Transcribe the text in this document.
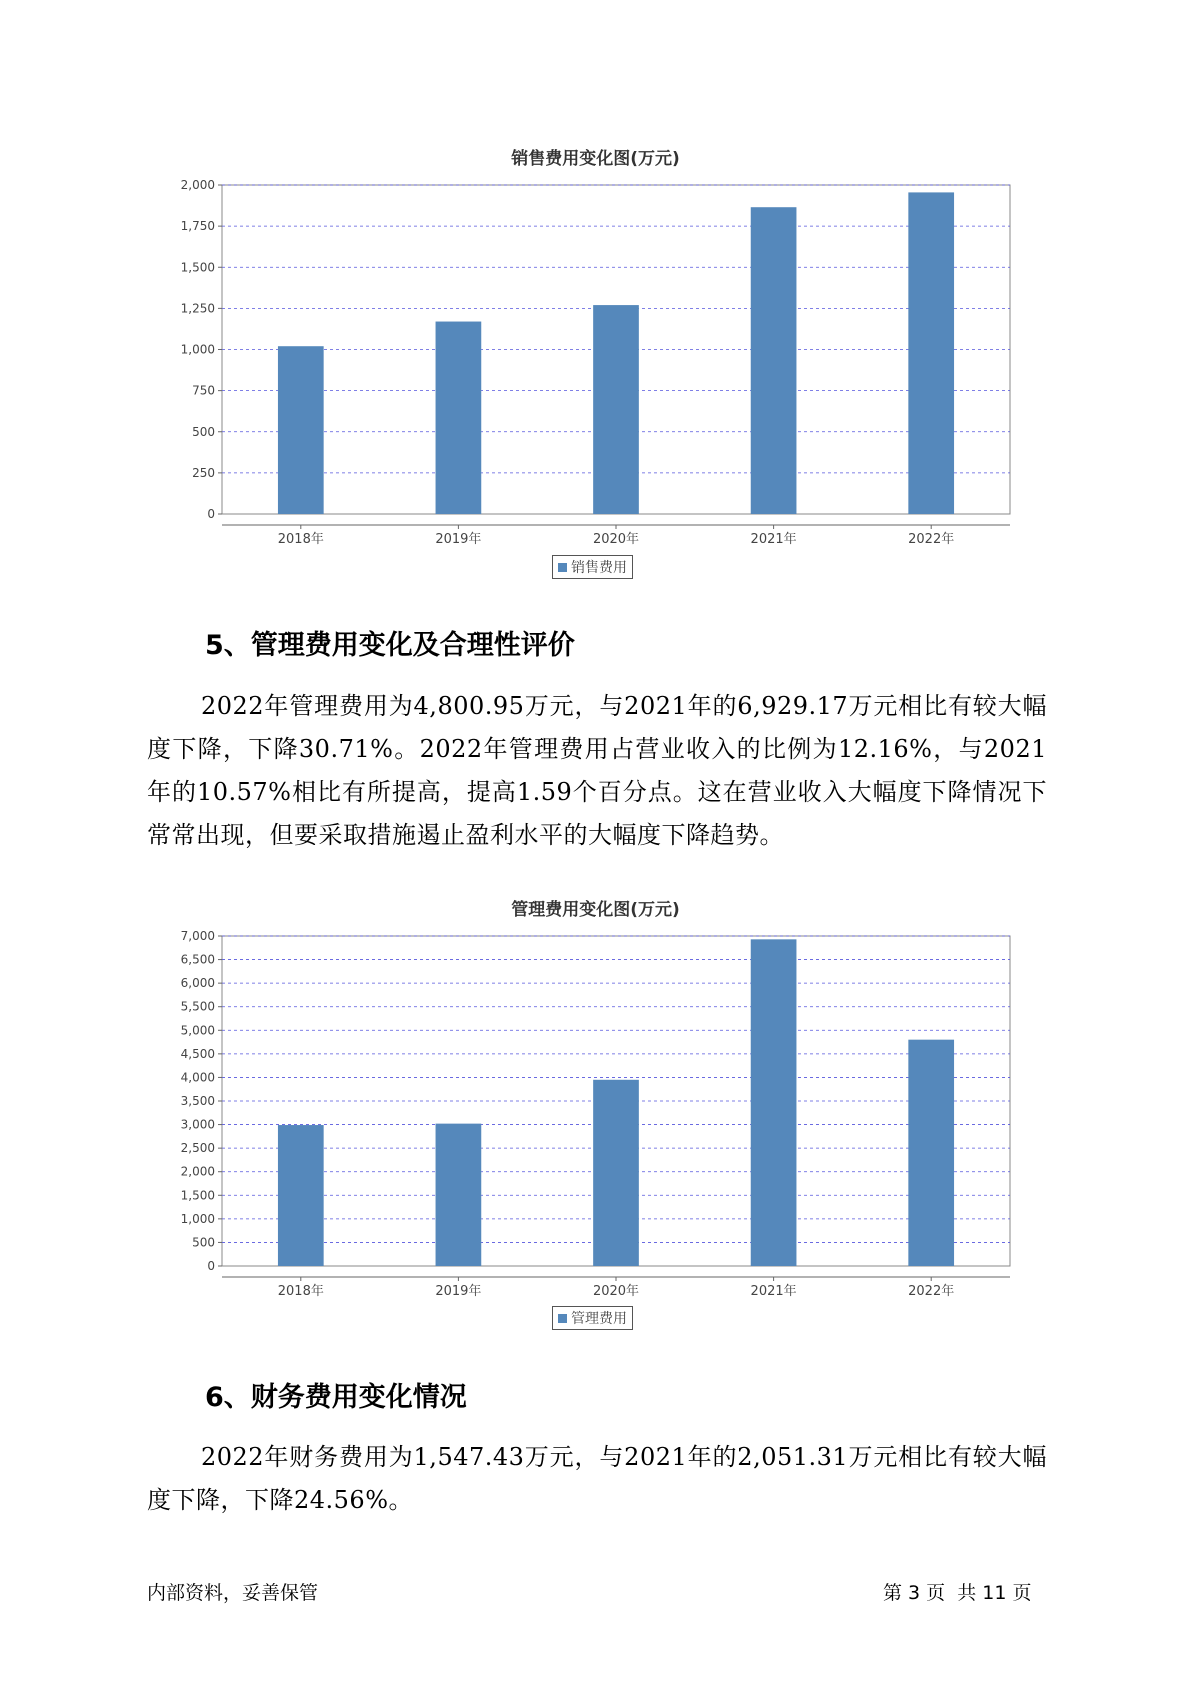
销售费用变化图(万元)
0
250
500
750
1,000
1,250
1,500
1,750
2,000
2018年	2019年	2020年	2021年	2022年
销售费用
5、管理费用变化及合理性评价

2022年管理费用为4,800.95万元，与2021年的6,929.17万元相比有较大幅度下降，下降30.71%。2022年管理费用占营业收入的比例为12.16%，与2021年的10.57%相比有所提高，提高1.59个百分点。这在营业收入大幅度下降情况下常常出现，但要采取措施遏止盈利水平的大幅度下降趋势。

管理费用变化图(万元)
0
500
1,000
1,500
2,000
2,500
3,000
3,500
4,000
4,500
5,000
5,500
6,000
6,500
7,000
2018年	2019年	2020年	2021年	2022年
管理费用
6、财务费用变化情况

2022年财务费用为1,547.43万元，与2021年的2,051.31万元相比有较大幅度下降，下降24.56%。

内部资料，妥善保管	第 3 页  共 11 页
